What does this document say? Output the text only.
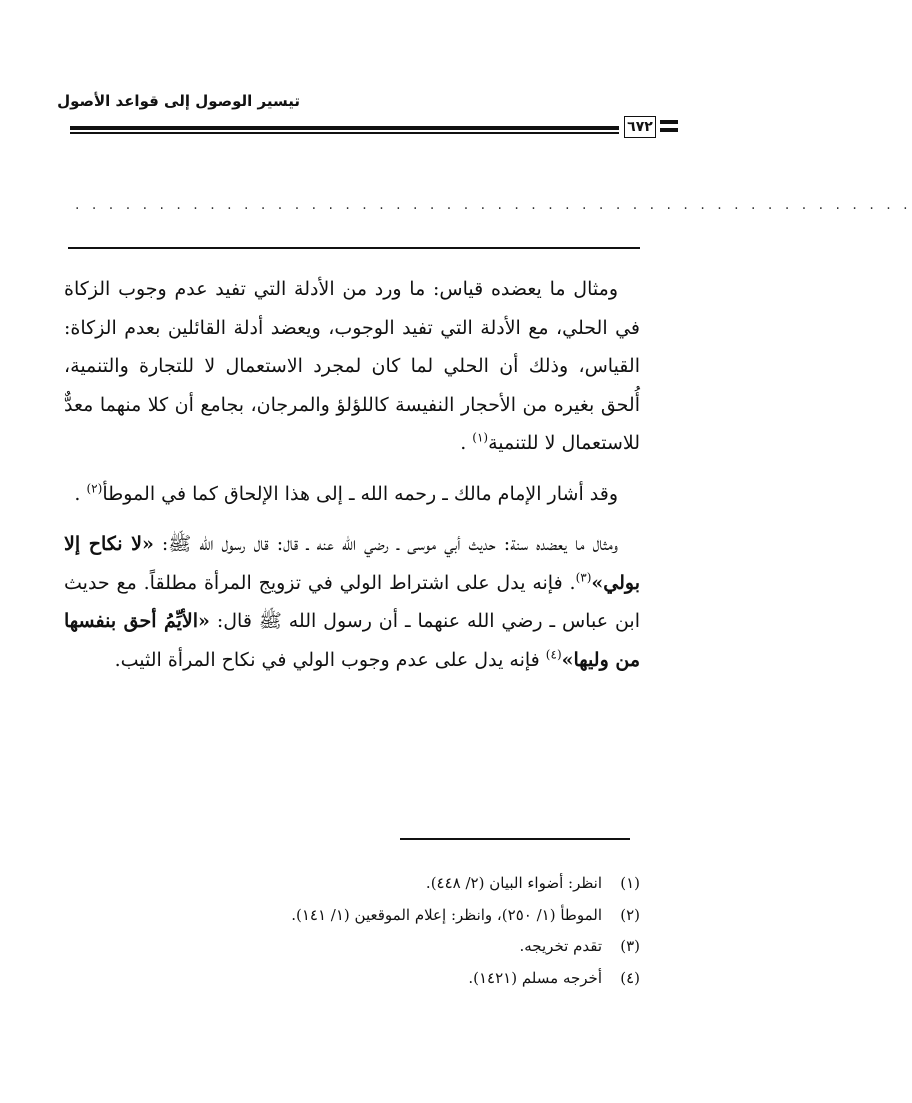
تيسير الوصول إلى قواعد الأصول
٦٧٢
. . . . . . . . . . . . . . . . . . . . . . . . . . . . . . . . . . . . . . . . . . . . . . . . . .

ومثال ما يعضده قياس: ما ورد من الأدلة التي تفيد عدم وجوب الزكاة في الحلي، مع الأدلة التي تفيد الوجوب، ويعضد أدلة القائلين بعدم الزكاة: القياس، وذلك أن الحلي لما كان لمجرد الاستعمال لا للتجارة والتنمية، أُلحق بغيره من الأحجار النفيسة كاللؤلؤ والمرجان، بجامع أن كلا منهما معدٌّ للاستعمال لا للتنمية$^{(١)}$ .

وقد أشار الإمام مالك ـ رحمه الله ـ إلى هذا الإلحاق كما في الموطأ$^{(٢)}$ .

ومثال ما يعضده سنة: حديث أبي موسى ـ رضي الله عنه ـ قال: قال رسول الله ﷺ: «لا نكاح إلا بولي»$^{(٣)}$. فإنه يدل على اشتراط الولي في تزويج المرأة مطلقاً. مع حديث ابن عباس ـ رضي الله عنهما ـ أن رسول الله ﷺ قال: «الأيِّمُ أحق بنفسها من وليها»$^{(٤)}$ فإنه يدل على عدم وجوب الولي في نكاح المرأة الثيب.

(١)انظر: أضواء البيان (٢/ ٤٤٨).
(٢)الموطأ (١/ ٢٥٠)، وانظر: إعلام الموقعين (١/ ١٤١).
(٣)تقدم تخريجه.
(٤)أخرجه مسلم (١٤٢١).
